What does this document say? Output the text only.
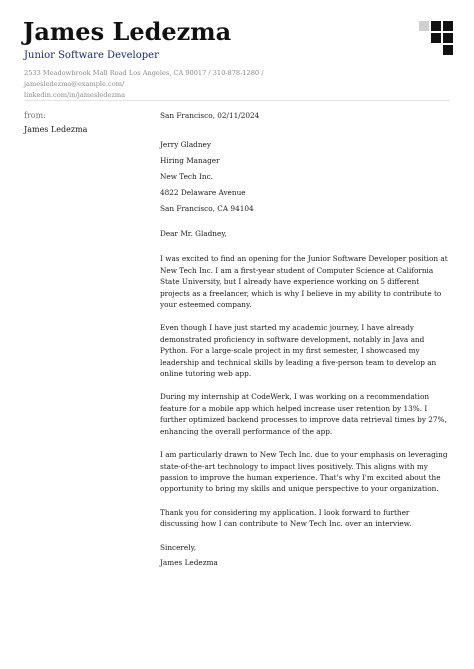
James Ledezma
Junior Software Developer
2533 Meadowbrook Mall Road Los Angeles, CA 90017 / 310-878-1280 / jamesledezma@example.com/
linkedin.com/in/jamesledezma
from:
James Ledezma

San Francisco, 02/11/2024

Jerry Gladney

Hiring Manager

New Tech Inc.

4822 Delaware Avenue

San Francisco, CA 94104

Dear Mr. Gladney,

I was excited to find an opening for the Junior Software Developer position at New Tech Inc. I am a first-year student of Computer Science at California State University, but I already have experience working on 5 different projects as a freelancer, which is why I believe in my ability to contribute to your esteemed company.

Even though I have just started my academic journey, I have already demonstrated proficiency in software development, notably in Java and Python. For a large-scale project in my first semester, I showcased my leadership and technical skills by leading a five-person team to develop an online tutoring web app.

During my internship at CodeWerk, I was working on a recommendation feature for a mobile app which helped increase user retention by 13%. I further optimized backend processes to improve data retrieval times by 27%, enhancing the overall performance of the app.

I am particularly drawn to New Tech Inc. due to your emphasis on leveraging state-of-the-art technology to impact lives positively. This aligns with my passion to improve the human experience. That's why I'm excited about the opportunity to bring my skills and unique perspective to your organization.

Thank you for considering my application. I look forward to further discussing how I can contribute to New Tech Inc. over an interview.

Sincerely,

James Ledezma
